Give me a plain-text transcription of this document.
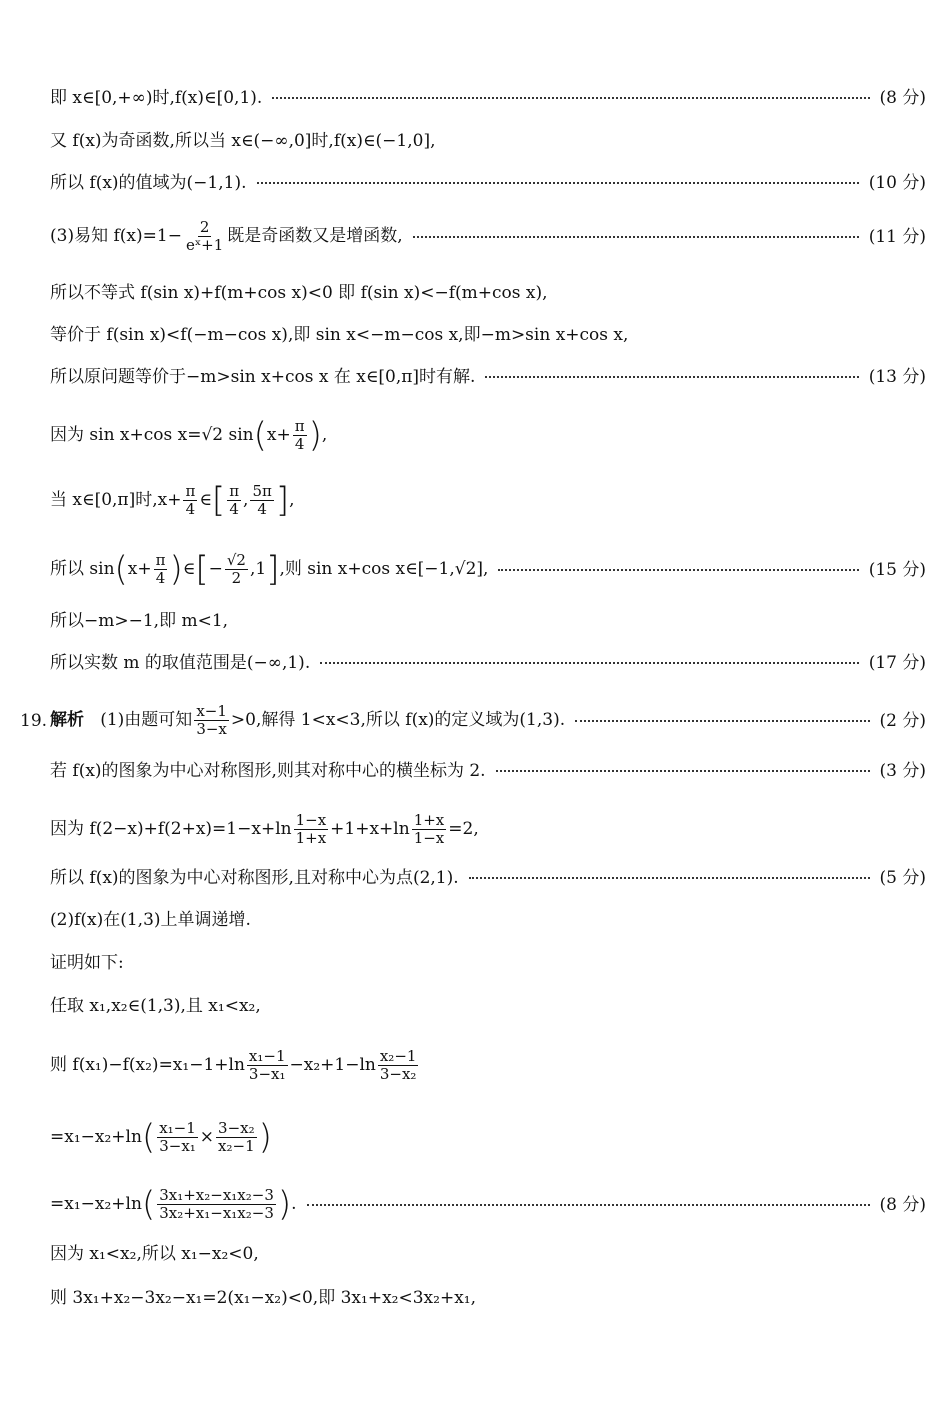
即 x∈[0,+∞)时,f(x)∈[0,1).	(8 分)
又 f(x)为奇函数,所以当 x∈(−∞,0]时,f(x)∈(−1,0],
所以 f(x)的值域为(−1,1).	(10 分)
(3)易知 $f(x)=1- \frac{2}{\text{eˣ+1}}$ 既是奇函数又是增函数,	(11 分)
所以不等式 f(sin x)+f(m+cos x)<0 即 f(sin x)<−f(m+cos x),
等价于 f(sin x)<f(−m−cos x),即 sin x<−m−cos x,即−m>sin x+cos x,
所以原问题等价于−m>sin x+cos x 在 x∈[0,π]时有解.	(13 分)
因为 sin x+cos x=√2 $\sin(x+ \frac{\pi}{4}$ ),
当 x∈[0,π]时$,x+ \frac{\pi}{4}$ ∈[ $\frac{\pi}{4}$ , $\frac{5\pi}{4}$ ],
所以 $\sin(x+ \frac{\pi}{4}$ )∈[− $\frac{√2}{2} ,1$],则 sin x+cos x∈[−1,√2],	(15 分)
所以−m>−1,即 m<1,
所以实数 m 的取值范围是(−∞,1).	(17 分)
19. 解析 (1)由题可知 $\frac{x-1}{3-x} >0$,解得 1<x<3,所以 f(x)的定义域为(1,3).	(2 分)
若 f(x)的图象为中心对称图形,则其对称中心的横坐标为 2.	(3 分)
因为 $f(2-x)+f(2+x)=1-x+\ln \frac{1-x}{1+x} +1+x+\ln \frac{1+x}{1-x} =2$,
所以 f(x)的图象为中心对称图形,且对称中心为点(2,1).	(5 分)
(2)f(x)在(1,3)上单调递增.
证明如下:
任取 x₁,x₂∈(1,3),且 x₁<x₂,
则 $f(x_1)-f(x_2)=x_1-1+\ln \frac{\text{x₁−1}}{\text{3−x₁}} -x_2+1-\ln \frac{\text{x₂−1}}{\text{3−x₂}}$
$=x_1-x_2+\ln( \frac{\text{x₁−1}}{\text{3−x₁}} \times \frac{\text{3−x₂}}{\text{x₂−1}}$ )
$=x_1-x_2+\ln( \frac{\text{3x₁+x₂−x₁x₂−3}}{\text{3x₂+x₁−x₁x₂−3}}$ ).	(8 分)
因为 x₁<x₂,所以 x₁−x₂<0,
则 3x₁+x₂−3x₂−x₁=2(x₁−x₂)<0,即 3x₁+x₂<3x₂+x₁,
